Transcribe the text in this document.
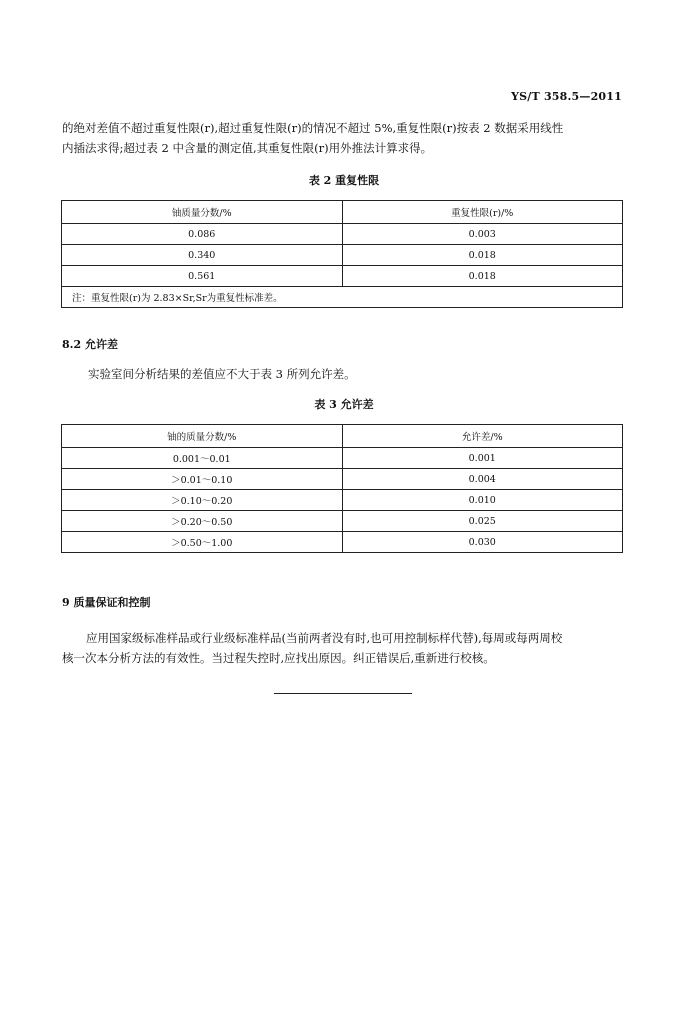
YS/T 358.5—2011
的绝对差值不超过重复性限(r),超过重复性限(r)的情况不超过 5%,重复性限(r)按表 2 数据采用线性
内插法求得;超过表 2 中含量的测定值,其重复性限(r)用外推法计算求得。
表 2 重复性限
铀质量分数/%	重复性限(r)/%
0.086	0.003
0.340	0.018
0.561	0.018
注：重复性限(r)为 2.83×Sr,Sr为重复性标准差。	
8.2 允许差
实验室间分析结果的差值应不大于表 3 所列允许差。
表 3 允许差
铀的质量分数/%	允许差/%
0.001～0.01	0.001
＞0.01～0.10	0.004
＞0.10～0.20	0.010
＞0.20～0.50	0.025
＞0.50～1.00	0.030
9 质量保证和控制
应用国家级标准样品或行业级标准样品(当前两者没有时,也可用控制标样代替),每周或每两周校
核一次本分析方法的有效性。当过程失控时,应找出原因。纠正错误后,重新进行校核。
